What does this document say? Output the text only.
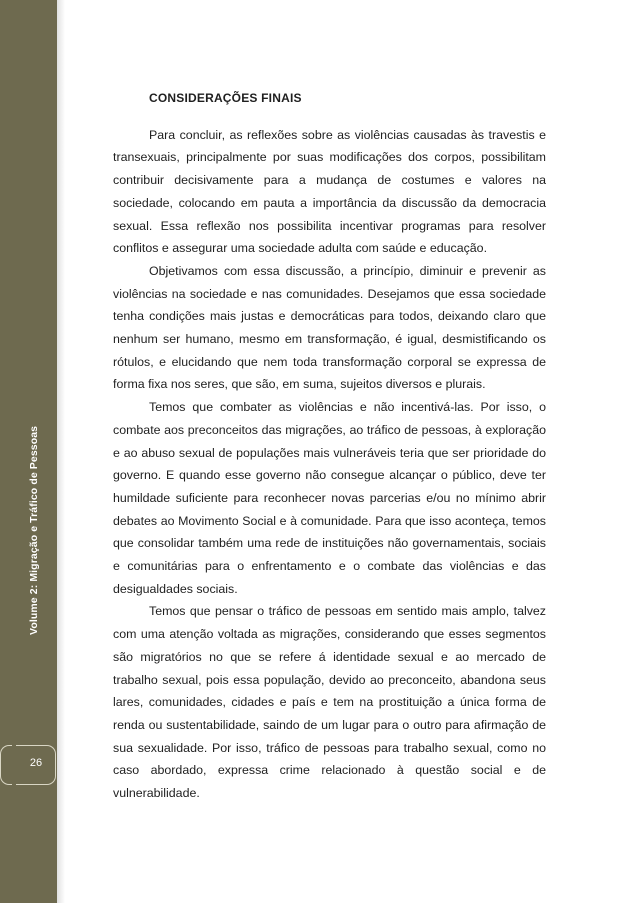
Volume 2: Migração e Tráfico de Pessoas
26
CONSIDERAÇÕES FINAIS

Para concluir, as reflexões sobre as violências causadas às travestis e transexuais, principalmente por suas modificações dos corpos, possibilitam contribuir decisivamente para a mudança de costumes e valores na sociedade, colocando em pauta a importância da discussão da democracia sexual. Essa reflexão nos possibilita incentivar programas para resolver conflitos e assegurar uma sociedade adulta com saúde e educação.

Objetivamos com essa discussão, a princípio, diminuir e prevenir as violências na sociedade e nas comunidades. Desejamos que essa sociedade tenha condições mais justas e democráticas para todos, deixando claro que nenhum ser humano, mesmo em transformação, é igual, desmistificando os rótulos, e elucidando que nem toda transformação corporal se expressa de forma fixa nos seres, que são, em suma, sujeitos diversos e plurais.

Temos que combater as violências e não incentivá-las. Por isso, o combate aos preconceitos das migrações, ao tráfico de pessoas, à exploração e ao abuso sexual de populações mais vulneráveis teria que ser prioridade do governo. E quando esse governo não consegue alcançar o público, deve ter humildade suficiente para reconhecer novas parcerias e/ou no mínimo abrir debates ao Movimento Social e à comunidade. Para que isso aconteça, temos que consolidar também uma rede de instituições não governamentais, sociais e comunitárias para o enfrentamento e o combate das violências e das desigualdades sociais.

Temos que pensar o tráfico de pessoas em sentido mais amplo, talvez com uma atenção voltada as migrações, considerando que esses segmentos são migratórios no que se refere á identidade sexual e ao mercado de trabalho sexual, pois essa população, devido ao preconceito, abandona seus lares, comunidades, cidades e país e tem na prostituição a única forma de renda ou sustentabilidade, saindo de um lugar para o outro para afirmação de sua sexualidade. Por isso, tráfico de pessoas para trabalho sexual, como no caso abordado, expressa crime relacionado à questão social e de vulnerabilidade.
